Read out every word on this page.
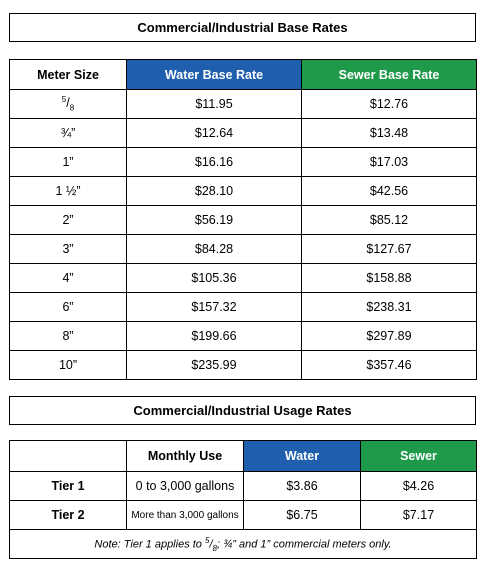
Commercial/Industrial Base Rates
Meter Size	Water Base Rate	Sewer Base Rate
$^5/_8$	$11.95	$12.76
¾”	$12.64	$13.48
1”	$16.16	$17.03
1 ½”	$28.10	$42.56
2”	$56.19	$85.12
3”	$84.28	$127.67
4”	$105.36	$158.88
6”	$157.32	$238.31
8”	$199.66	$297.89
10”	$235.99	$357.46
Commercial/Industrial Usage Rates
	Monthly Use	Water	Sewer
Tier 1	0 to 3,000 gallons	$3.86	$4.26
Tier 2	More than 3,000 gallons	$6.75	$7.17
Note: Tier 1 applies to $^5/_8$; ¾” and 1” commercial meters only.			
